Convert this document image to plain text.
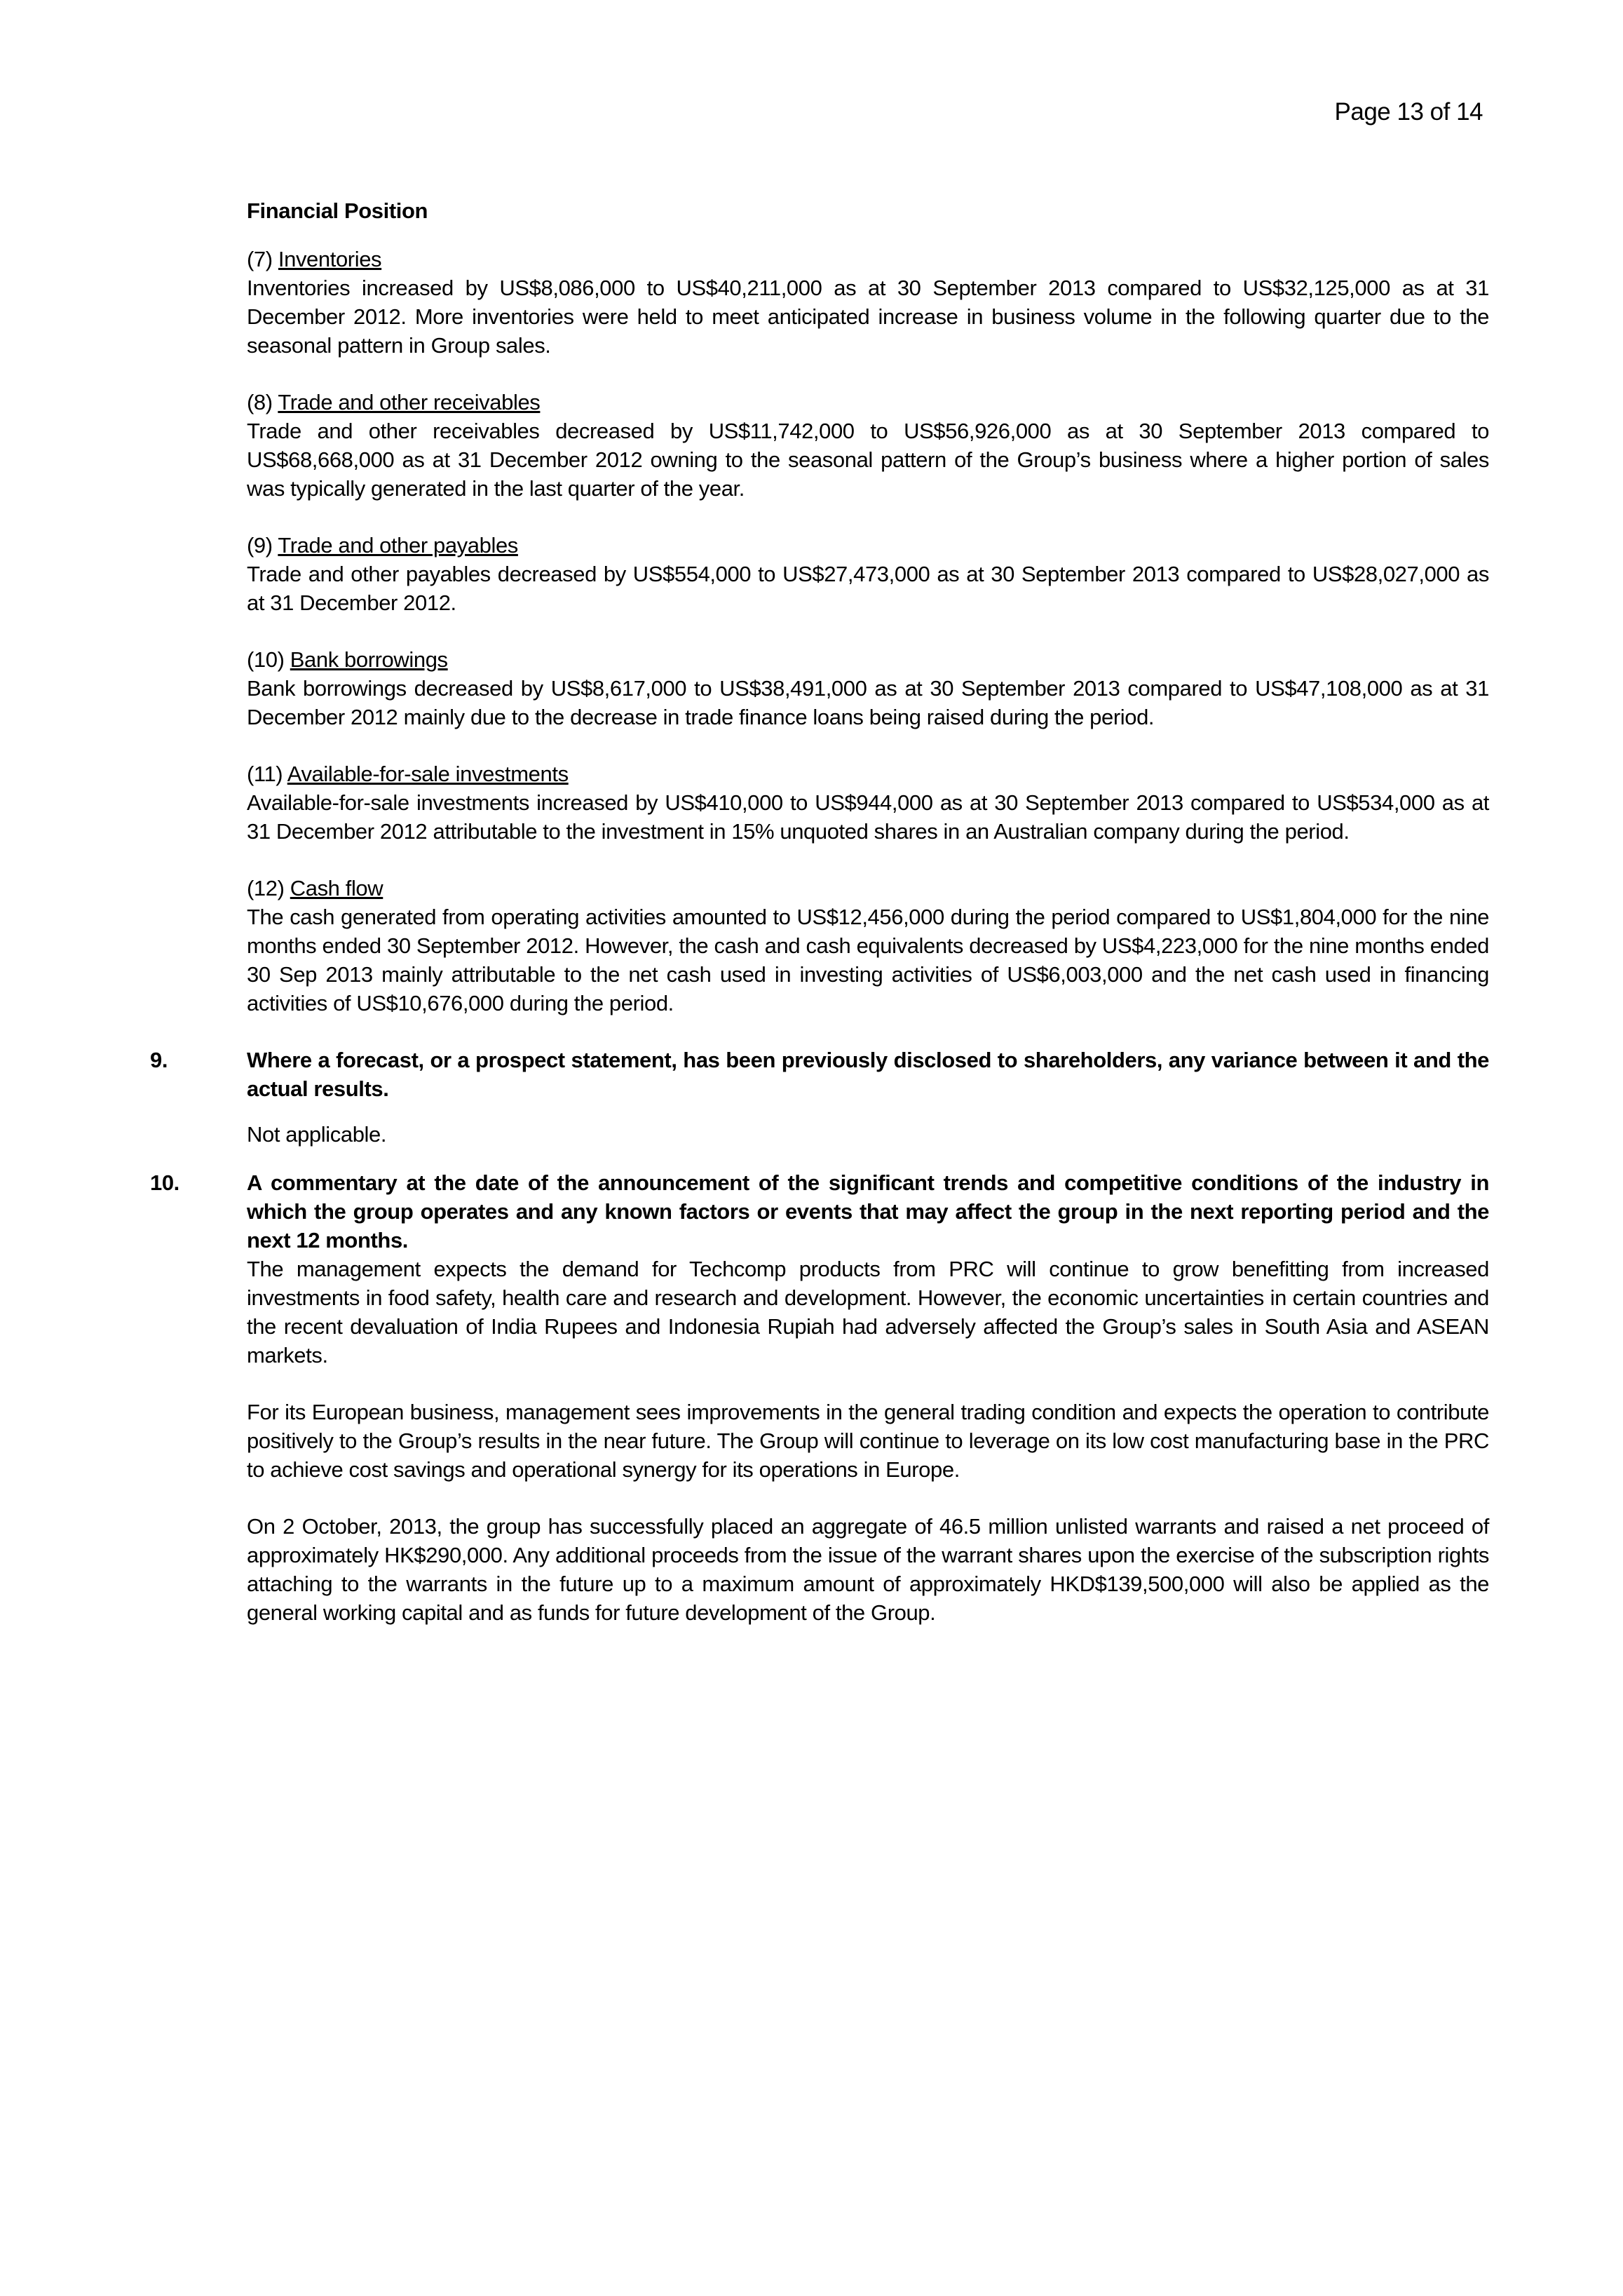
Page 13 of 14

Financial Position

(7) Inventories

Inventories increased by US$8,086,000 to US$40,211,000 as at 30 September 2013 compared to US$32,125,000 as at 31 December 2012. More inventories were held to meet anticipated increase in business volume in the following quarter due to the seasonal pattern in Group sales.

(8) Trade and other receivables

Trade and other receivables decreased by US$11,742,000 to US$56,926,000 as at 30 September 2013 compared to US$68,668,000 as at 31 December 2012 owning to the seasonal pattern of the Group’s business where a higher portion of sales was typically generated in the last quarter of the year.

(9) Trade and other payables

Trade and other payables decreased by US$554,000 to US$27,473,000 as at 30 September 2013 compared to US$28,027,000 as at 31 December 2012.

(10) Bank borrowings

Bank borrowings decreased by US$8,617,000 to US$38,491,000 as at 30 September 2013 compared to US$47,108,000 as at 31 December 2012 mainly due to the decrease in trade finance loans being raised during the period.

(11) Available-for-sale investments

Available-for-sale investments increased by US$410,000 to US$944,000 as at 30 September 2013 compared to US$534,000 as at 31 December 2012 attributable to the investment in 15% unquoted shares in an Australian company during the period.

(12) Cash flow

The cash generated from operating activities amounted to US$12,456,000 during the period compared to US$1,804,000 for the nine months ended 30 September 2012. However, the cash and cash equivalents decreased by US$4,223,000 for the nine months ended 30 Sep 2013 mainly attributable to the net cash used in investing activities of US$6,003,000 and the net cash used in financing activities of US$10,676,000 during the period.

9.	Where a forecast, or a prospect statement, has been previously disclosed to shareholders, any variance between it and the actual results.

Not applicable.

10.	A commentary at the date of the announcement of the significant trends and competitive conditions of the industry in which the group operates and any known factors or events that may affect the group in the next reporting period and the next 12 months.

The management expects the demand for Techcomp products from PRC will continue to grow benefitting from increased investments in food safety, health care and research and development. However, the economic uncertainties in certain countries and the recent devaluation of India Rupees and Indonesia Rupiah had adversely affected the Group’s sales in South Asia and ASEAN markets.

For its European business, management sees improvements in the general trading condition and expects the operation to contribute positively to the Group’s results in the near future. The Group will continue to leverage on its low cost manufacturing base in the PRC to achieve cost savings and operational synergy for its operations in Europe.

On 2 October, 2013, the group has successfully placed an aggregate of 46.5 million unlisted warrants and raised a net proceed of approximately HK$290,000. Any additional proceeds from the issue of the warrant shares upon the exercise of the subscription rights attaching to the warrants in the future up to a maximum amount of approximately HKD$139,500,000 will also be applied as the general working capital and as funds for future development of the Group.
